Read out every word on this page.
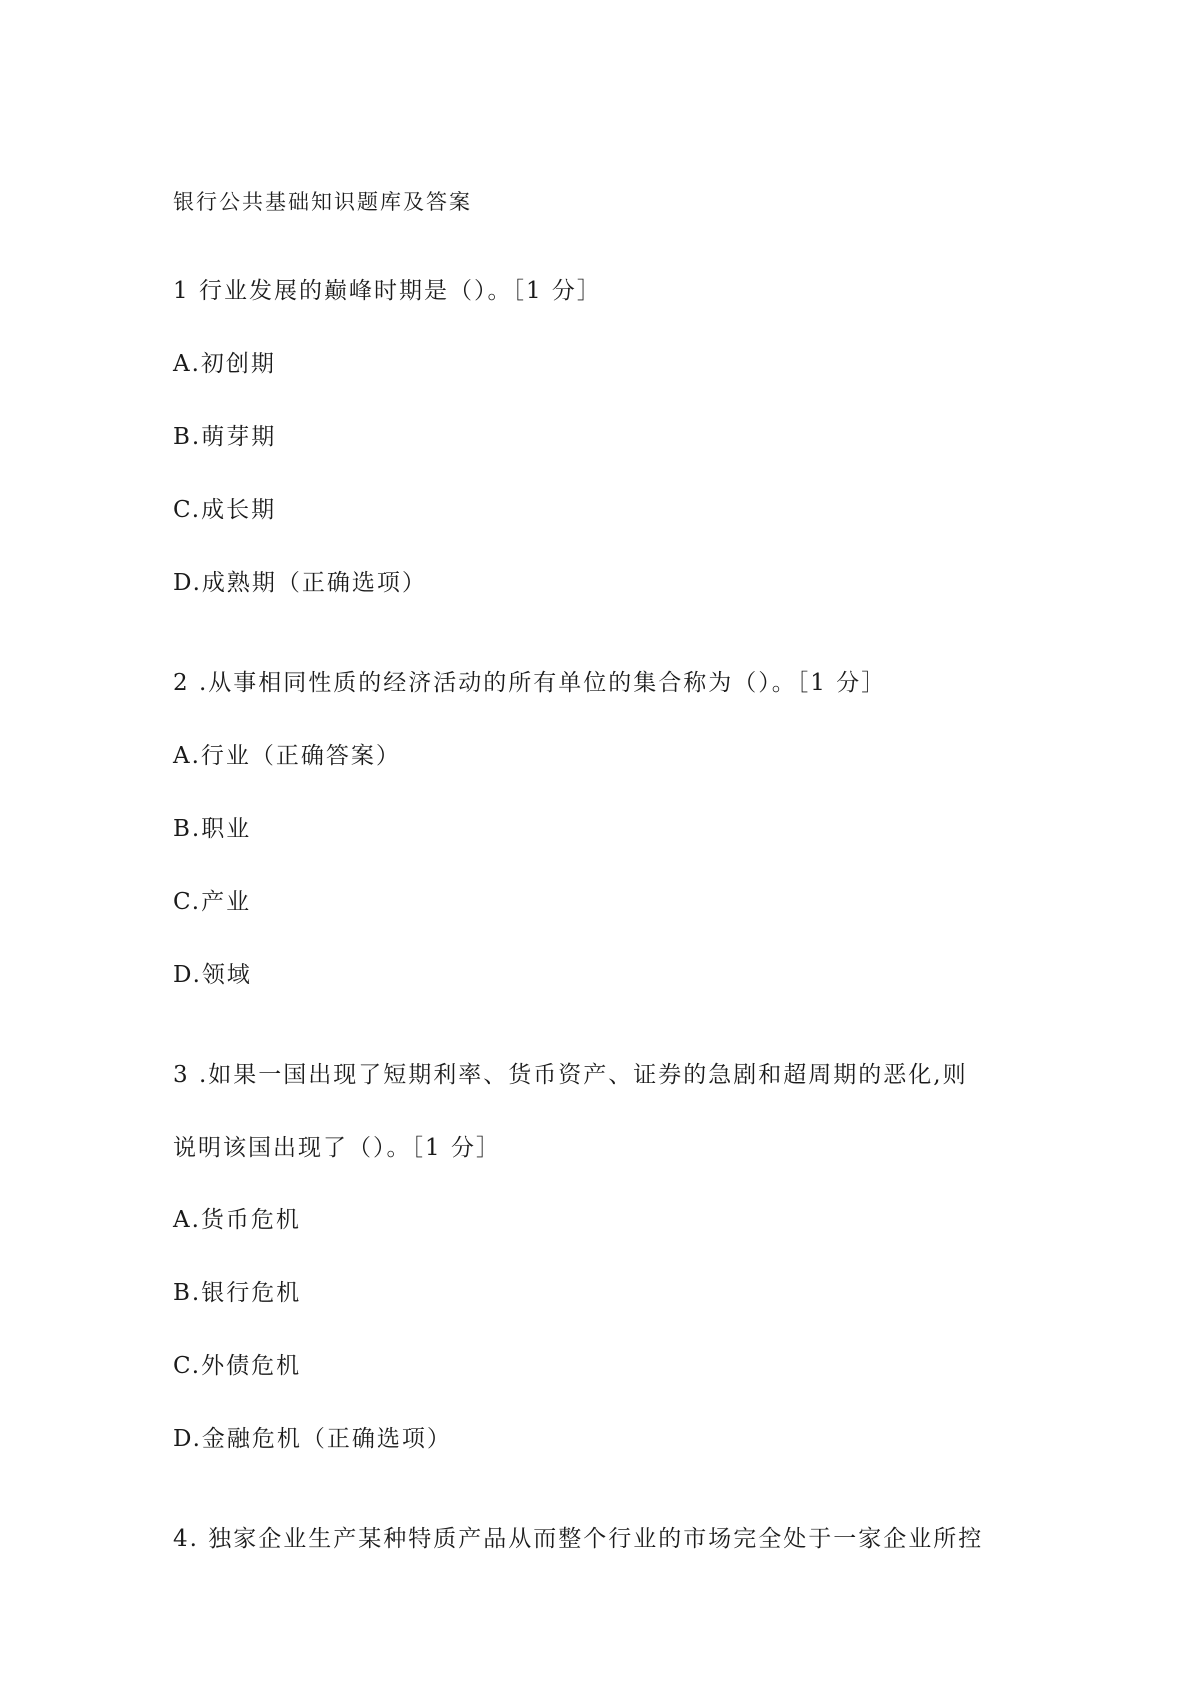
银行公共基础知识题库及答案
1 行业发展的巅峰时期是（）。［1 分］
A.初创期
B.萌芽期
C.成长期
D.成熟期（正确选项）
2 .从事相同性质的经济活动的所有单位的集合称为（）。［1 分］
A.行业（正确答案）
B.职业
C.产业
D.领域
3 .如果一国出现了短期利率、货币资产、证券的急剧和超周期的恶化,则
说明该国出现了（）。［1 分］
A.货币危机
B.银行危机
C.外债危机
D.金融危机（正确选项）
4. 独家企业生产某种特质产品从而整个行业的市场完全处于一家企业所控
